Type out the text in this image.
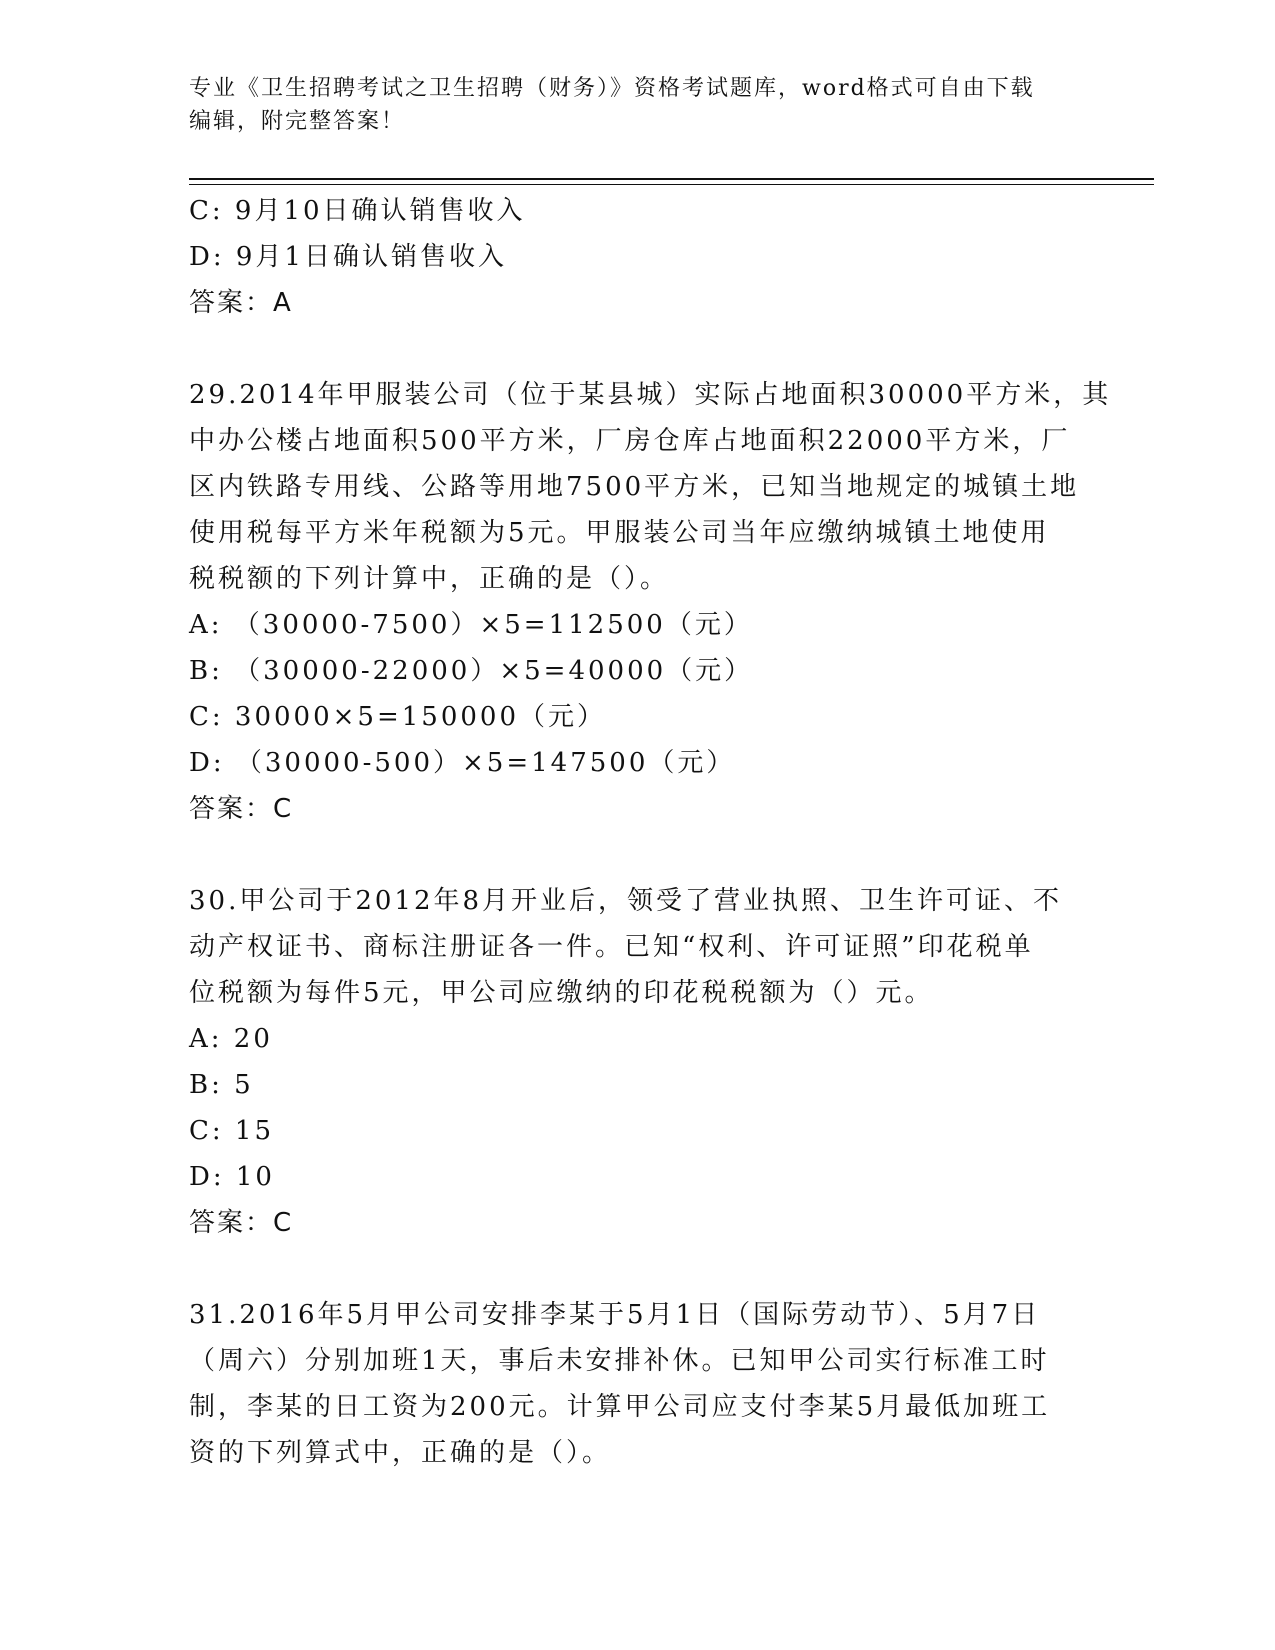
专业《卫生招聘考试之卫生招聘（财务）》资格考试题库，word格式可自由下载
编辑，附完整答案！
C: 9月10日确认销售收入
D: 9月1日确认销售收入
答案：A
29.2014年甲服装公司（位于某县城）实际占地面积30000平方米，其
中办公楼占地面积500平方米，厂房仓库占地面积22000平方米，厂
区内铁路专用线、公路等用地7500平方米，已知当地规定的城镇土地
使用税每平方米年税额为5元。甲服装公司当年应缴纳城镇土地使用
税税额的下列计算中，正确的是（）。
A: （30000-7500）×5=112500（元）
B: （30000-22000）×5=40000（元）
C: 30000×5=150000（元）
D: （30000-500）×5=147500（元）
答案：C
30.甲公司于2012年8月开业后，领受了营业执照、卫生许可证、不
动产权证书、商标注册证各一件。已知“权利、许可证照”印花税单
位税额为每件5元，甲公司应缴纳的印花税税额为（）元。
A: 20
B: 5
C: 15
D: 10
答案：C
31.2016年5月甲公司安排李某于5月1日（国际劳动节）、5月7日
（周六）分别加班1天，事后未安排补休。已知甲公司实行标准工时
制，李某的日工资为200元。计算甲公司应支付李某5月最低加班工
资的下列算式中，正确的是（）。
